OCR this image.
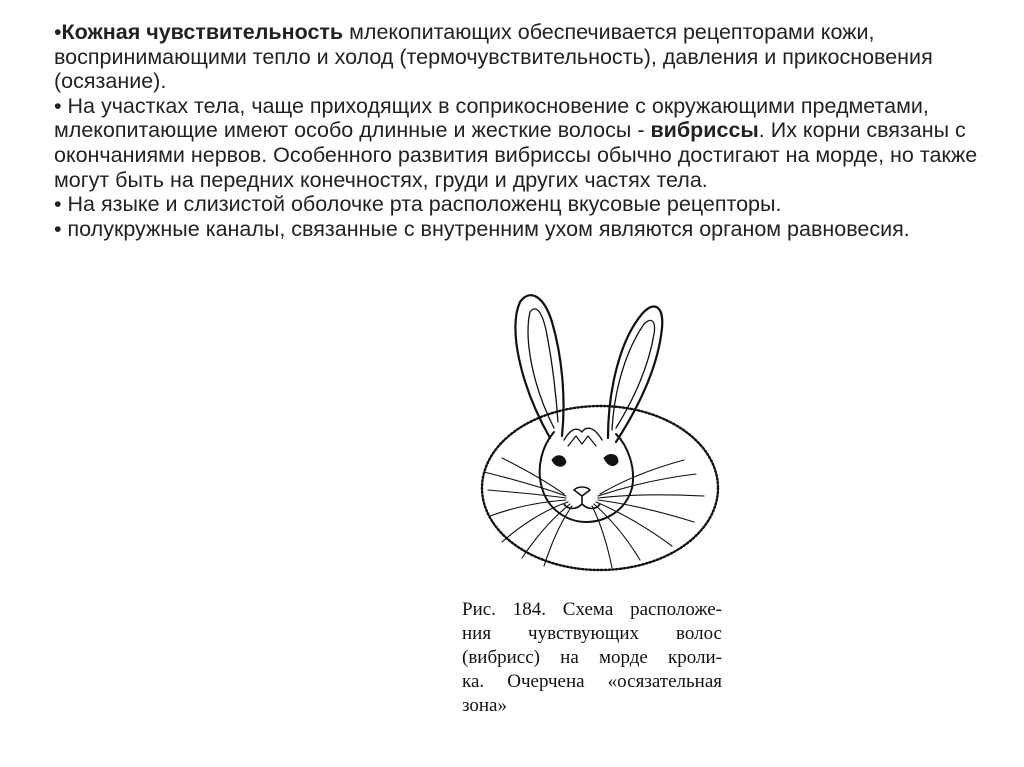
•Кожная чувствительность млекопитающих обеспечивается рецепторами кожи, воспринимающими тепло и холод (термочувствительность), давления и прикосновения (осязание).

• На участках тела, чаще приходящих в соприкосновение с окружающими предметами, млекопитающие имеют особо длинные и жесткие волосы - вибриссы. Их корни связаны с окончаниями нервов. Особенного развития вибриссы обычно достигают на морде, но также могут быть на передних конечностях, груди и других частях тела.

• На языке и слизистой оболочке рта расположенц вкусовые рецепторы.

• полукружные каналы, связанные с внутренним ухом являются органом равновесия.

Рис. 184. Схема расположе-
ния чувствующих волос
(вибрисс) на морде кроли-
ка. Очерчена «осязательная
зона»
